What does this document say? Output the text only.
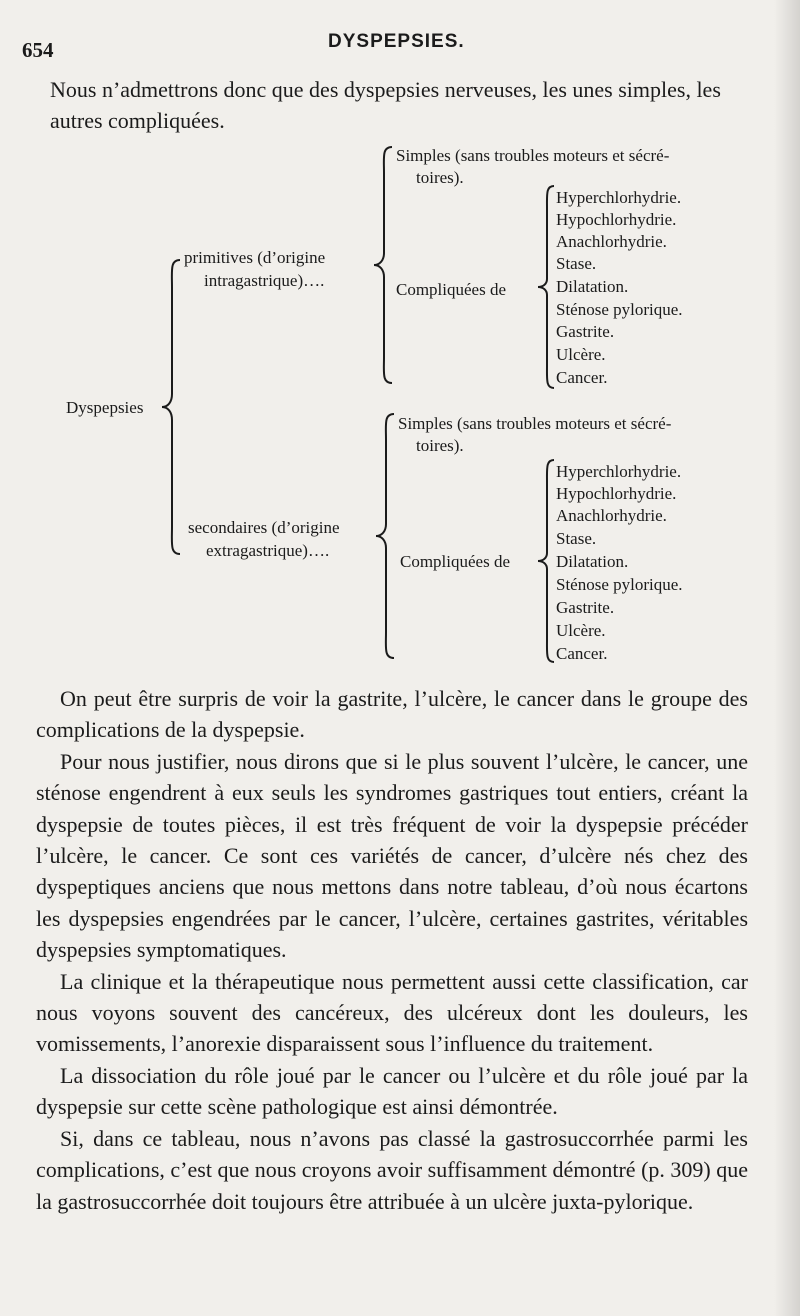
654	DYSPEPSIES.
Nous n’admettrons donc que des dyspepsies nerveuses, les unes simples, les autres compliquées.
Dyspepsies
primitives (d’origine
intragastrique)….
Simples (sans troubles moteurs et sécré-
toires).
Compliquées de
Hyperchlorhydrie.
Hypochlorhydrie.
Anachlorhydrie.
Stase.
Dilatation.
Sténose pylorique.
Gastrite.
Ulcère.
Cancer.
secondaires (d’origine
extragastrique)….
Simples (sans troubles moteurs et sécré-
toires).
Compliquées de
Hyperchlorhydrie.
Hypochlorhydrie.
Anachlorhydrie.
Stase.
Dilatation.
Sténose pylorique.
Gastrite.
Ulcère.
Cancer.

On peut être surpris de voir la gastrite, l’ulcère, le cancer dans le groupe des complications de la dyspepsie.

Pour nous justifier, nous dirons que si le plus souvent l’ulcère, le cancer, une sténose engendrent à eux seuls les syndromes gastriques tout entiers, créant la dyspepsie de toutes pièces, il est très fréquent de voir la dyspepsie précéder l’ulcère, le cancer. Ce sont ces variétés de cancer, d’ulcère nés chez des dyspeptiques anciens que nous mettons dans notre tableau, d’où nous écartons les dyspepsies engendrées par le cancer, l’ulcère, certaines gastrites, véritables dyspepsies symptomatiques.

La clinique et la thérapeutique nous permettent aussi cette classification, car nous voyons souvent des cancéreux, des ulcéreux dont les douleurs, les vomissements, l’anorexie disparaissent sous l’influence du traitement.

La dissociation du rôle joué par le cancer ou l’ulcère et du rôle joué par la dyspepsie sur cette scène pathologique est ainsi démontrée.

Si, dans ce tableau, nous n’avons pas classé la gastrosuccorrhée parmi les complications, c’est que nous croyons avoir suffisamment démontré (p. 309) que la gastrosuccorrhée doit toujours être attribuée à un ulcère juxta-pylorique.
